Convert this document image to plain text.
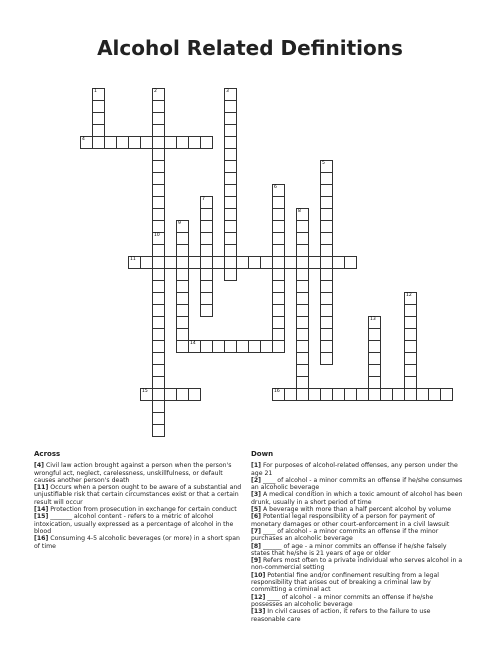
Alcohol Related Definitions
1	2	3
4
5
6
7
8
9
10
11
12
13
14
15	16
Across
[4] Civil law action brought against a person when the person's wrongful act, neglect, carelessness, unskillfulness, or default causes another person's death
[11] Occurs when a person ought to be aware of a substantial and unjustifiable risk that certain circumstances exist or that a certain result will occur
[14] Protection from prosecution in exchange for certain conduct
[15] _______ alcohol content - refers to a metric of alcohol intoxication, usually expressed as a percentage of alcohol in the blood
[16] Consuming 4-5 alcoholic beverages (or more) in a short span of time
Down
[1] For purposes of alcohol-related offenses, any person under the age 21
[2] ____ of alcohol - a minor commits an offense if he/she consumes an alcoholic beverage
[3] A medical condition in which a toxic amount of alcohol has been drunk, usually in a short period of time
[5] A beverage with more than a half percent alcohol by volume
[6] Potential legal responsibility of a person for payment of monetary damages or other court-enforcement in a civil lawsuit
[7] ____ of alcohol - a minor commits an offense if the minor purchases an alcoholic beverage
[8] ______ of age - a minor commits an offense if he/she falsely states that he/she is 21 years of age or older
[9] Refers most often to a private individual who serves alcohol in a non-commercial setting
[10] Potential fine and/or confinement resulting from a legal responsibility that arises out of breaking a criminal law by committing a criminal act
[12] ____ of alcohol - a minor commits an offense if he/she possesses an alcoholic beverage
[13] In civil causes of action, it refers to the failure to use reasonable care
